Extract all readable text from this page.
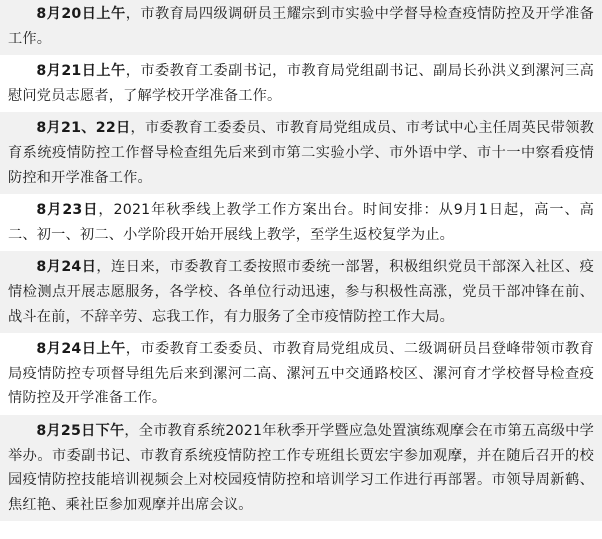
8月20日上午，市教育局四级调研员王耀宗到市实验中学督导检查疫情防控及开学准备工作。

8月21日上午，市委教育工委副书记，市教育局党组副书记、副局长孙洪义到漯河三高慰问党员志愿者，了解学校开学准备工作。

8月21、22日，市委教育工委委员、市教育局党组成员、市考试中心主任周英民带领教育系统疫情防控工作督导检查组先后来到市第二实验小学、市外语中学、市十一中察看疫情防控和开学准备工作。

8月23日，2021年秋季线上教学工作方案出台。时间安排：从9月1日起，高一、高二、初一、初二、小学阶段开始开展线上教学，至学生返校复学为止。

8月24日，连日来，市委教育工委按照市委统一部署，积极组织党员干部深入社区、疫情检测点开展志愿服务，各学校、各单位行动迅速，参与积极性高涨，党员干部冲锋在前、战斗在前，不辞辛劳、忘我工作，有力服务了全市疫情防控工作大局。

8月24日上午，市委教育工委委员、市教育局党组成员、二级调研员吕登峰带领市教育局疫情防控专项督导组先后来到漯河二高、漯河五中交通路校区、漯河育才学校督导检查疫情防控及开学准备工作。

8月25日下午，全市教育系统2021年秋季开学暨应急处置演练观摩会在市第五高级中学举办。市委副书记、市教育系统疫情防控工作专班组长贾宏宇参加观摩，并在随后召开的校园疫情防控技能培训视频会上对校园疫情防控和培训学习工作进行再部署。市领导周新鹤、焦红艳、乘社臣参加观摩并出席会议。
